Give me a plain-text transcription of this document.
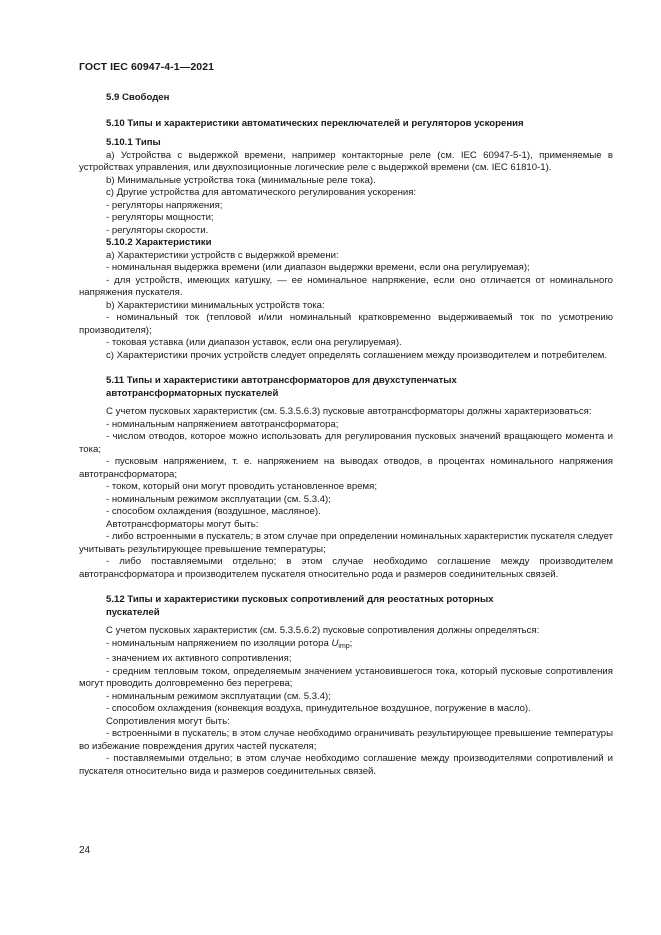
ГОСТ IEC 60947-4-1—2021

5.9 Свободен

5.10 Типы и характеристики автоматических переключателей и регуляторов ускорения

5.10.1 Типы

а) Устройства с выдержкой времени, например контакторные реле (см. IEC 60947-5-1), применяемые в устройствах управления, или двухпозиционные логические реле с выдержкой времени (см. IEC 61810-1).

b) Минимальные устройства тока (минимальные реле тока).

c) Другие устройства для автоматического регулирования ускорения:

- регуляторы напряжения;

- регуляторы мощности;

- регуляторы скорости.

5.10.2 Характеристики

а) Характеристики устройств с выдержкой времени:

- номинальная выдержка времени (или диапазон выдержки времени, если она регулируемая);

- для устройств, имеющих катушку, — ее номинальное напряжение, если оно отличается от номинального напряжения пускателя.

b) Характеристики минимальных устройств тока:

- номинальный ток (тепловой и/или номинальный кратковременно выдерживаемый ток по усмотрению производителя);

- токовая уставка (или диапазон уставок, если она регулируемая).

c) Характеристики прочих устройств следует определять соглашением между производителем и потребителем.

5.11 Типы и характеристики автотрансформаторов для двухступенчатых
автотрансформаторных пускателей

С учетом пусковых характеристик (см. 5.3.5.6.3) пусковые автотрансформаторы должны характеризоваться:

- номинальным напряжением автотрансформатора;

- числом отводов, которое можно использовать для регулирования пусковых значений вращающего момента и тока;

- пусковым напряжением, т. е. напряжением на выводах отводов, в процентах номинального напряжения автотрансформатора;

- током, который они могут проводить установленное время;

- номинальным режимом эксплуатации (см. 5.3.4);

- способом охлаждения (воздушное, масляное).

Автотрансформаторы могут быть:

- либо встроенными в пускатель; в этом случае при определении номинальных характеристик пускателя следует учитывать результирующее превышение температуры;

- либо поставляемыми отдельно; в этом случае необходимо соглашение между производителем автотрансформатора и производителем пускателя относительно рода и размеров соединительных связей.

5.12 Типы и характеристики пусковых сопротивлений для реостатных роторных
пускателей

С учетом пусковых характеристик (см. 5.3.5.6.2) пусковые сопротивления должны определяться:

- номинальным напряжением по изоляции ротора $U_{imp}$;

- значением их активного сопротивления;

- средним тепловым током, определяемым значением установившегося тока, который пусковые сопротивления могут проводить долговременно без перегрева;

- номинальным режимом эксплуатации (см. 5.3.4);

- способом охлаждения (конвекция воздуха, принудительное воздушное, погружение в масло).

Сопротивления могут быть:

- встроенными в пускатель; в этом случае необходимо ограничивать результирующее превышение температуры во избежание повреждения других частей пускателя;

- поставляемыми отдельно; в этом случае необходимо соглашение между производителями сопротивлений и пускателя относительно вида и размеров соединительных связей.

24
